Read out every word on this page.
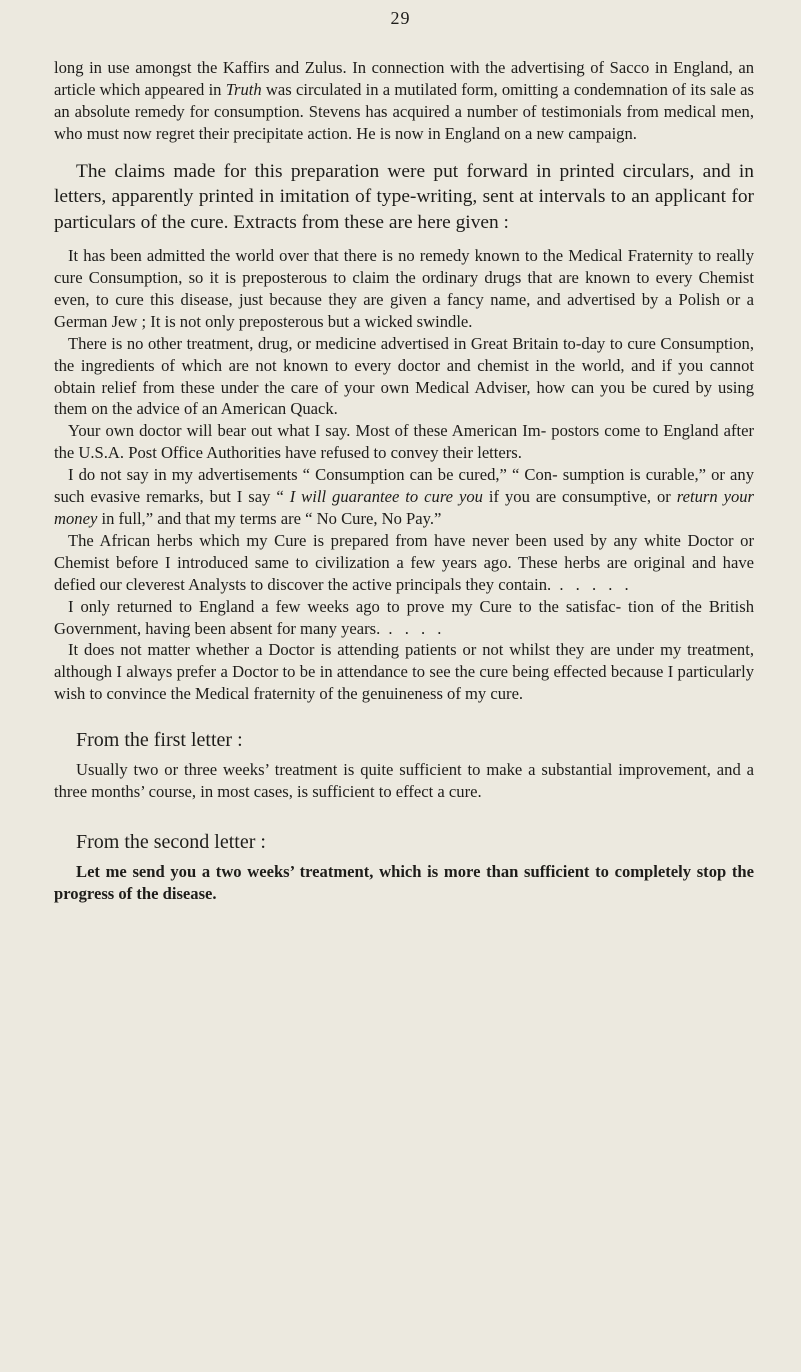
29

long in use amongst the Kaffirs and Zulus. In connection with the advertising of Sacco in England, an article which appeared in Truth was circulated in a mutilated form, omitting a condemnation of its sale as an absolute remedy for consumption. Stevens has acquired a number of testimonials from medical men, who must now regret their precipitate action. He is now in England on a new campaign.

The claims made for this preparation were put forward in printed circulars, and in letters, apparently printed in imitation of type-writing, sent at intervals to an applicant for particulars of the cure. Extracts from these are here given :

It has been admitted the world over that there is no remedy known to the Medical Fraternity to really cure Consumption, so it is preposterous to claim the ordinary drugs that are known to every Chemist even, to cure this disease, just because they are given a fancy name, and advertised by a Polish or a German Jew ; It is not only preposterous but a wicked swindle.

There is no other treatment, drug, or medicine advertised in Great Britain to-day to cure Consumption, the ingredients of which are not known to every doctor and chemist in the world, and if you cannot obtain relief from these under the care of your own Medical Adviser, how can you be cured by using them on the advice of an American Quack.

Your own doctor will bear out what I say. Most of these American Im- postors come to England after the U.S.A. Post Office Authorities have refused to convey their letters.

I do not say in my advertisements “ Consumption can be cured,” “ Con- sumption is curable,” or any such evasive remarks, but I say “ I will guarantee to cure you if you are consumptive, or return your money in full,” and that my terms are “ No Cure, No Pay.”

The African herbs which my Cure is prepared from have never been used by any white Doctor or Chemist before I introduced same to civilization a few years ago. These herbs are original and have defied our cleverest Analysts to discover the active principals they contain. . . . . .

I only returned to England a few weeks ago to prove my Cure to the satisfac- tion of the British Government, having been absent for many years. . . . .

It does not matter whether a Doctor is attending patients or not whilst they are under my treatment, although I always prefer a Doctor to be in attendance to see the cure being effected because I particularly wish to convince the Medical fraternity of the genuineness of my cure.

From the first letter :

Usually two or three weeks’ treatment is quite sufficient to make a substantial improvement, and a three months’ course, in most cases, is sufficient to effect a cure.

From the second letter :

Let me send you a two weeks’ treatment, which is more than sufficient to completely stop the progress of the disease.
